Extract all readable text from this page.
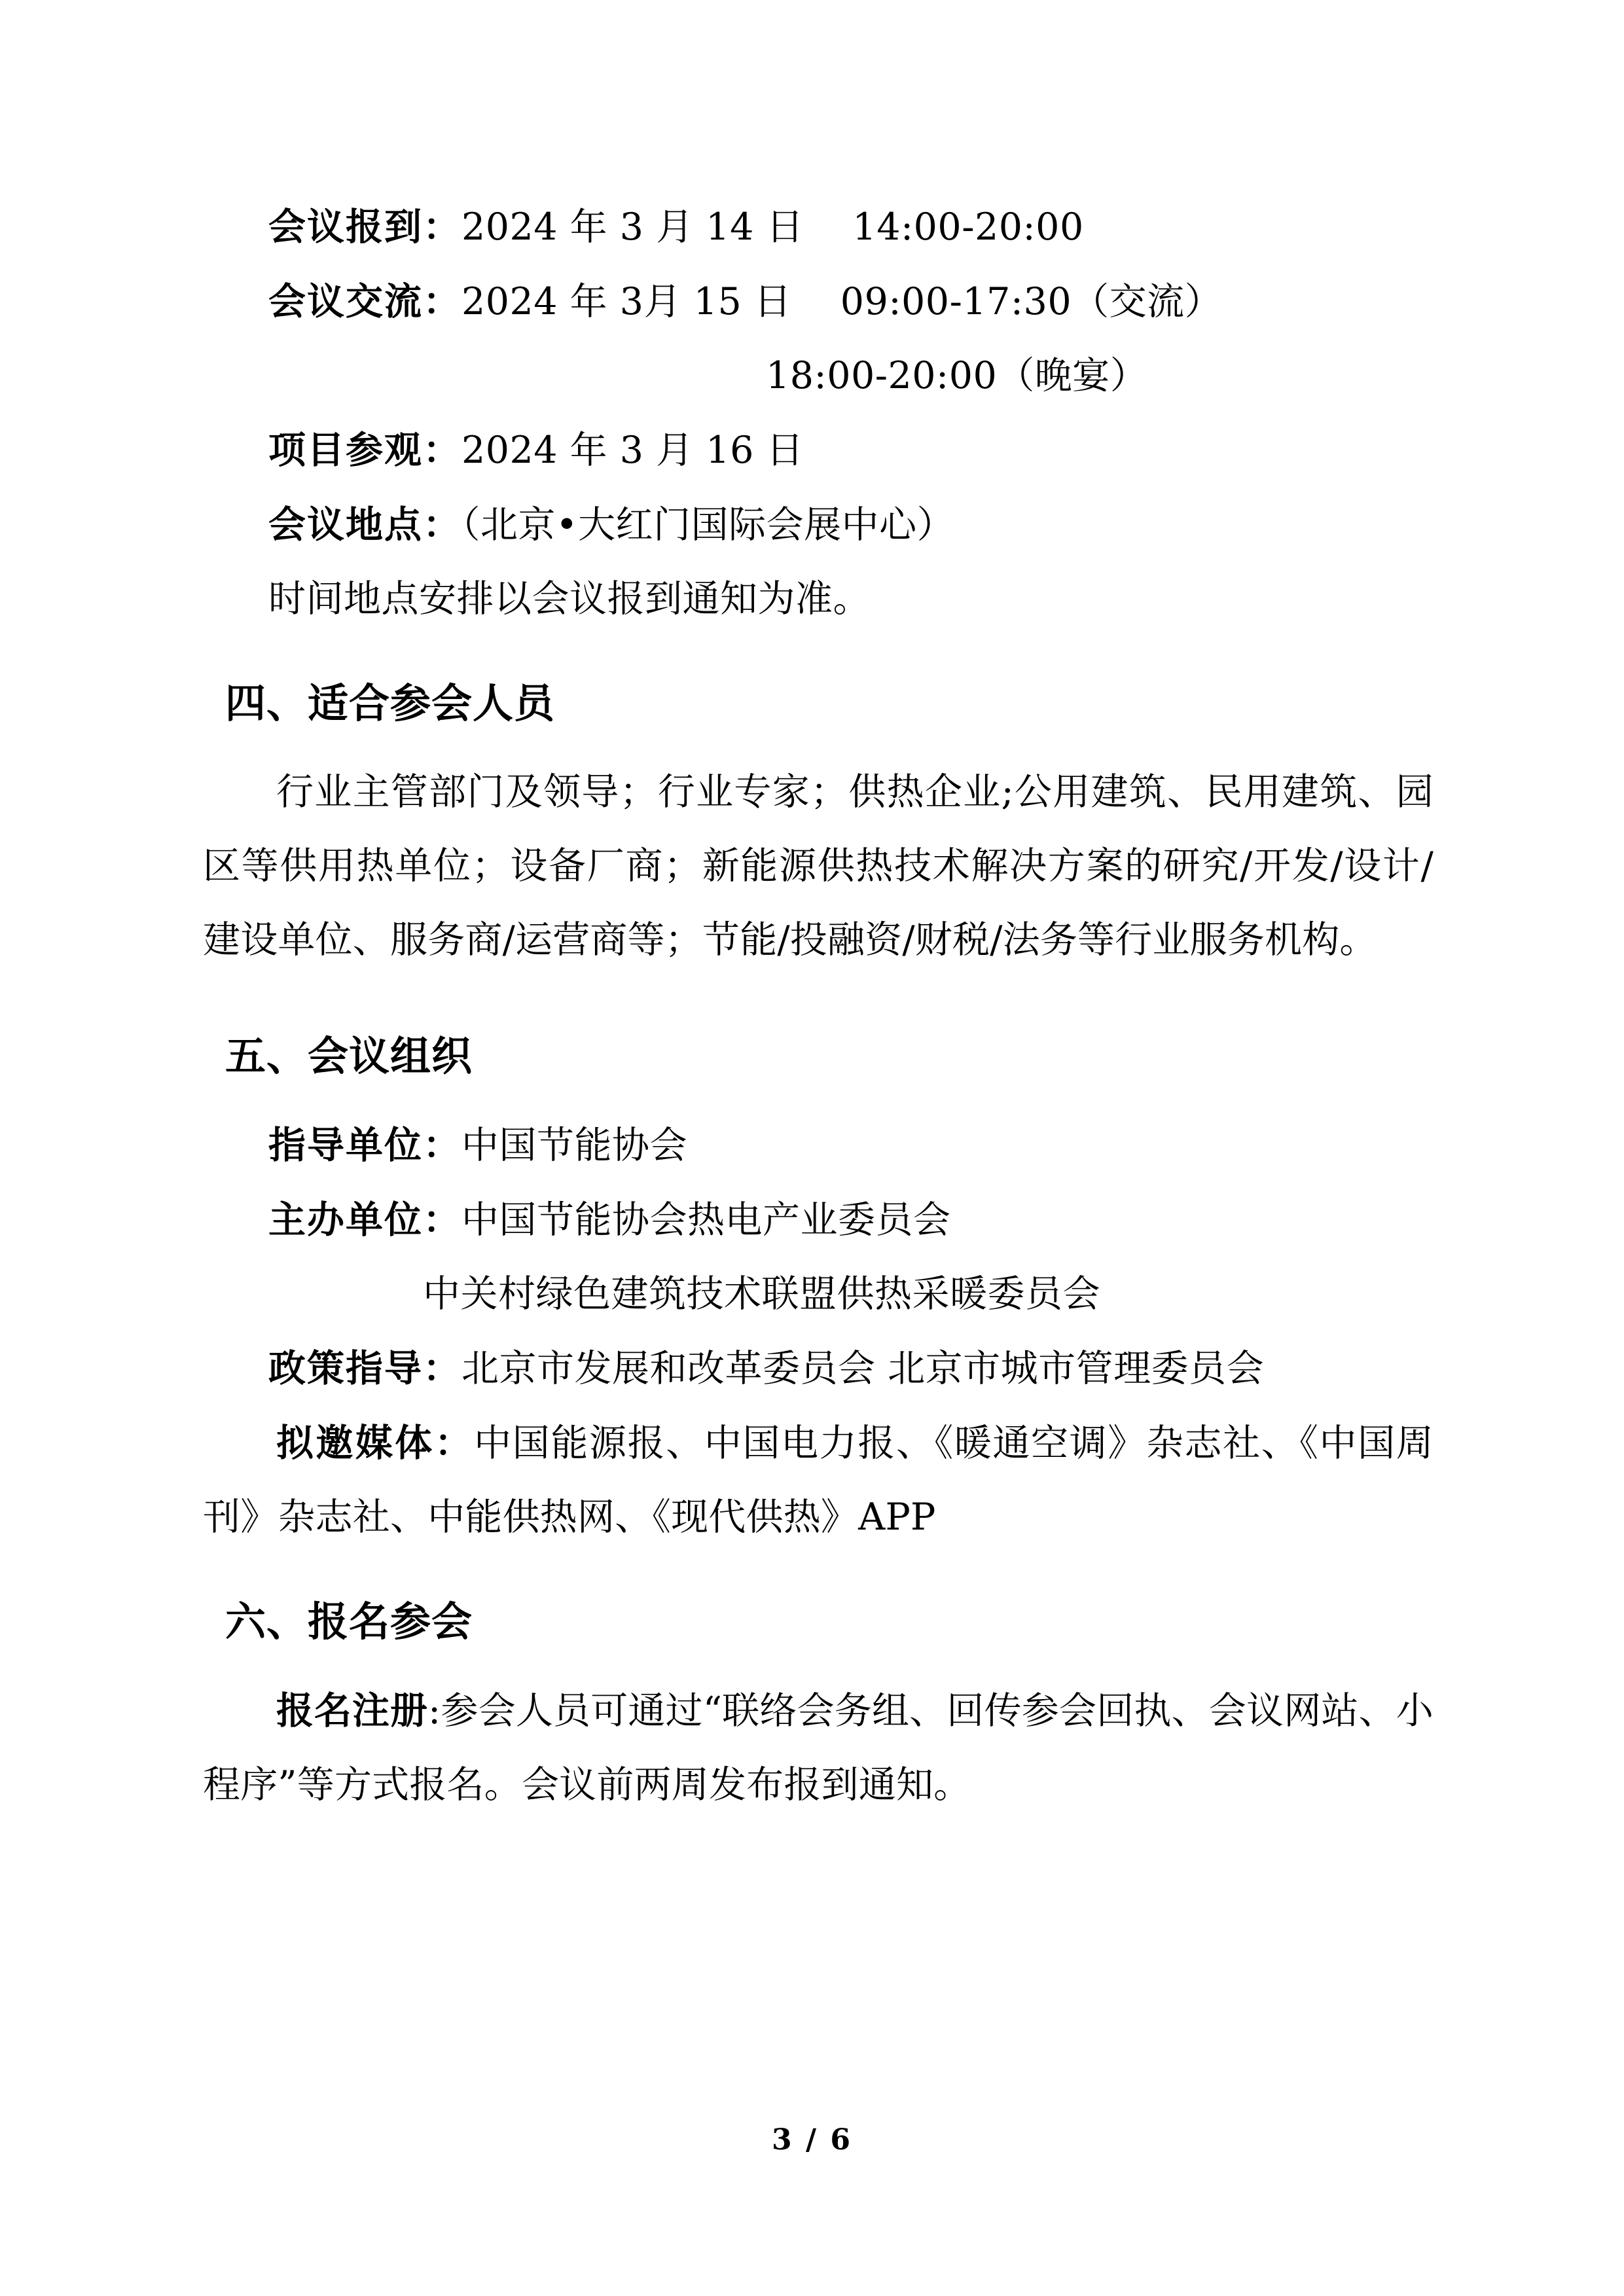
会议报到：2024 年 3 月 14 日    14:00-20:00
会议交流：2024 年 3月 15 日    09:00-17:30（交流）
18:00-20:00（晚宴）
项目参观：2024 年 3 月 16 日
会议地点：（北京•大红门国际会展中心）
时间地点安排以会议报到通知为准。
四、适合参会人员

行业主管部门及领导；行业专家；供热企业;公用建筑、民用建筑、园区等供用热单位；设备厂商；新能源供热技术解决方案的研究/开发/设计/建设单位、服务商/运营商等；节能/投融资/财税/法务等行业服务机构。

五、会议组织
指导单位：中国节能协会
主办单位：中国节能协会热电产业委员会
中关村绿色建筑技术联盟供热采暖委员会
政策指导：北京市发展和改革委员会 北京市城市管理委员会

拟邀媒体：中国能源报、中国电力报、《暖通空调》杂志社、《中国周刊》杂志社、中能供热网、《现代供热》APP

六、报名参会

报名注册:参会人员可通过“联络会务组、回传参会回执、会议网站、小程序”等方式报名。会议前两周发布报到通知。

3 / 6
